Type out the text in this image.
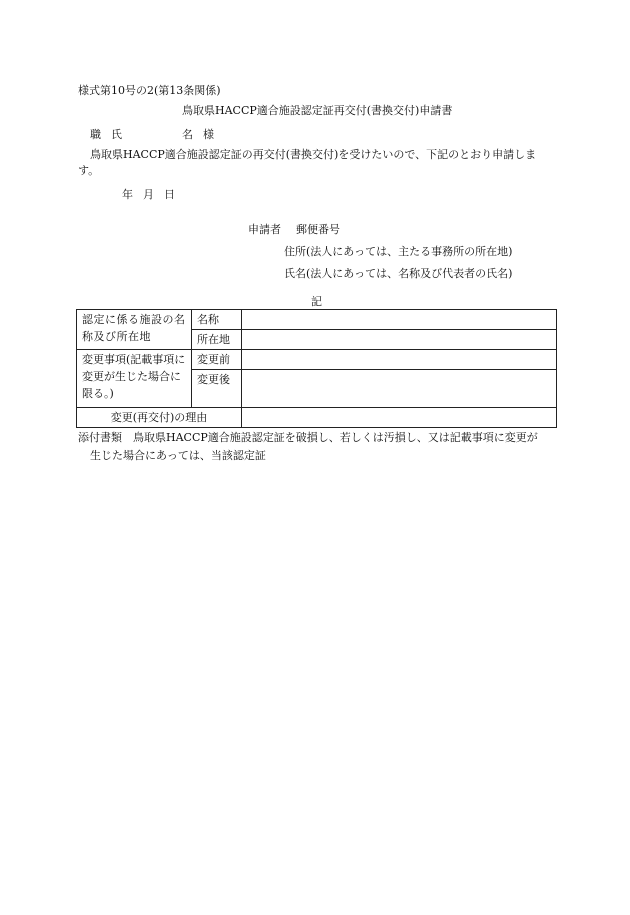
様式第10号の2(第13条関係)
鳥取県HACCP適合施設認定証再交付(書換交付)申請書
職 氏	名 様
鳥取県HACCP適合施設認定証の再交付(書換交付)を受けたいので、下記のとおり申請しま
す。
年 月 日
申請者 郵便番号
住所(法人にあっては、主たる事務所の所在地)
氏名(法人にあっては、名称及び代表者の氏名)
記
認定に係る施設の名称及び所在地	名称	
	所在地	
変更事項(記載事項に変更が生じた場合に限る。)	変更前	
	変更後	
変更(再交付)の理由		
添付書類　鳥取県HACCP適合施設認定証を破損し、若しくは汚損し、又は記載事項に変更が
生じた場合にあっては、当該認定証
